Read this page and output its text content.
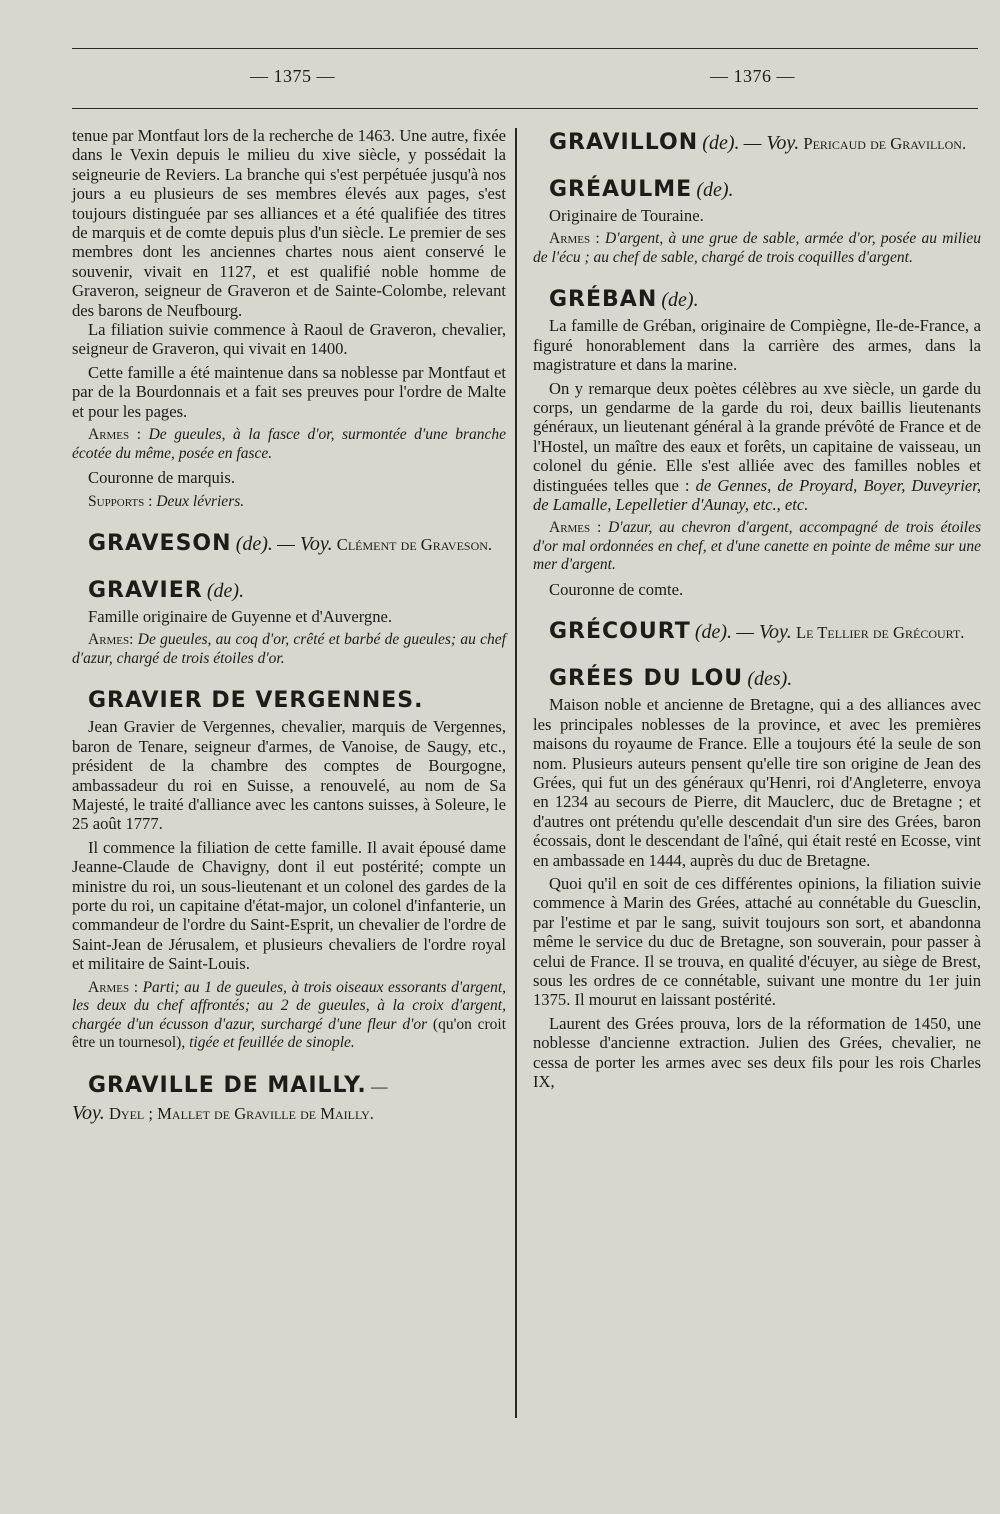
— 1375 —	— 1376 —

tenue par Montfaut lors de la recherche de 1463. Une autre, fixée dans le Vexin depuis le milieu du xive siècle, y possédait la seigneurie de Reviers. La branche qui s'est perpétuée jusqu'à nos jours a eu plusieurs de ses membres élevés aux pages, s'est toujours distinguée par ses alliances et a été qualifiée des titres de marquis et de comte depuis plus d'un siècle. Le premier de ses membres dont les anciennes chartes nous aient conservé le souvenir, vivait en 1127, et est qualifié noble homme de Graveron, seigneur de Graveron et de Sainte-Colombe, relevant des barons de Neufbourg.

La filiation suivie commence à Raoul de Graveron, chevalier, seigneur de Graveron, qui vivait en 1400.

Cette famille a été maintenue dans sa noblesse par Montfaut et par de la Bourdonnais et a fait ses preuves pour l'ordre de Malte et pour les pages.

Armes : De gueules, à la fasce d'or, surmontée d'une branche écotée du même, posée en fasce.

Couronne de marquis.

Supports : Deux lévriers.

GRAVESON (de). — Voy. Clément de Graveson.

GRAVIER (de).

Famille originaire de Guyenne et d'Auvergne.

Armes: De gueules, au coq d'or, crêté et barbé de gueules; au chef d'azur, chargé de trois étoiles d'or.

GRAVIER DE VERGENNES.

Jean Gravier de Vergennes, chevalier, marquis de Vergennes, baron de Tenare, seigneur d'armes, de Vanoise, de Saugy, etc., président de la chambre des comptes de Bourgogne, ambassadeur du roi en Suisse, a renouvelé, au nom de Sa Majesté, le traité d'alliance avec les cantons suisses, à Soleure, le 25 août 1777.

Il commence la filiation de cette famille. Il avait épousé dame Jeanne-Claude de Chavigny, dont il eut postérité; compte un ministre du roi, un sous-lieutenant et un colonel des gardes de la porte du roi, un capitaine d'état-major, un colonel d'infanterie, un commandeur de l'ordre du Saint-Esprit, un chevalier de l'ordre de Saint-Jean de Jérusalem, et plusieurs chevaliers de l'ordre royal et militaire de Saint-Louis.

Armes : Parti; au 1 de gueules, à trois oiseaux essorants d'argent, les deux du chef affrontés; au 2 de gueules, à la croix d'argent, chargée d'un écusson d'azur, surchargé d'une fleur d'or (qu'on croit être un tournesol), tigée et feuillée de sinople.

GRAVILLE DE MAILLY. —
Voy. Dyel ; Mallet de Graville de Mailly.

GRAVILLON (de). — Voy. Pericaud de Gravillon.

GRÉAULME (de).

Originaire de Touraine.

Armes : D'argent, à une grue de sable, armée d'or, posée au milieu de l'écu ; au chef de sable, chargé de trois coquilles d'argent.

GRÉBAN (de).

La famille de Gréban, originaire de Compiègne, Ile-de-France, a figuré honorablement dans la carrière des armes, dans la magistrature et dans la marine.

On y remarque deux poètes célèbres au xve siècle, un garde du corps, un gendarme de la garde du roi, deux baillis lieutenants généraux, un lieutenant général à la grande prévôté de France et de l'Hostel, un maître des eaux et forêts, un capitaine de vaisseau, un colonel du génie. Elle s'est alliée avec des familles nobles et distinguées telles que : de Gennes, de Proyard, Boyer, Duveyrier, de Lamalle, Lepelletier d'Aunay, etc., etc.

Armes : D'azur, au chevron d'argent, accompagné de trois étoiles d'or mal ordonnées en chef, et d'une canette en pointe de même sur une mer d'argent.

Couronne de comte.

GRÉCOURT (de). — Voy. Le Tellier de Grécourt.

GRÉES DU LOU (des).

Maison noble et ancienne de Bretagne, qui a des alliances avec les principales noblesses de la province, et avec les premières maisons du royaume de France. Elle a toujours été la seule de son nom. Plusieurs auteurs pensent qu'elle tire son origine de Jean des Grées, qui fut un des généraux qu'Henri, roi d'Angleterre, envoya en 1234 au secours de Pierre, dit Mauclerc, duc de Bretagne ; et d'autres ont prétendu qu'elle descendait d'un sire des Grées, baron écossais, dont le descendant de l'aîné, qui était resté en Ecosse, vint en ambassade en 1444, auprès du duc de Bretagne.

Quoi qu'il en soit de ces différentes opinions, la filiation suivie commence à Marin des Grées, attaché au connétable du Guesclin, par l'estime et par le sang, suivit toujours son sort, et abandonna même le service du duc de Bretagne, son souverain, pour passer à celui de France. Il se trouva, en qualité d'écuyer, au siège de Brest, sous les ordres de ce connétable, suivant une montre du 1er juin 1375. Il mourut en laissant postérité.

Laurent des Grées prouva, lors de la réformation de 1450, une noblesse d'ancienne extraction. Julien des Grées, chevalier, ne cessa de porter les armes avec ses deux fils pour les rois Charles IX,
